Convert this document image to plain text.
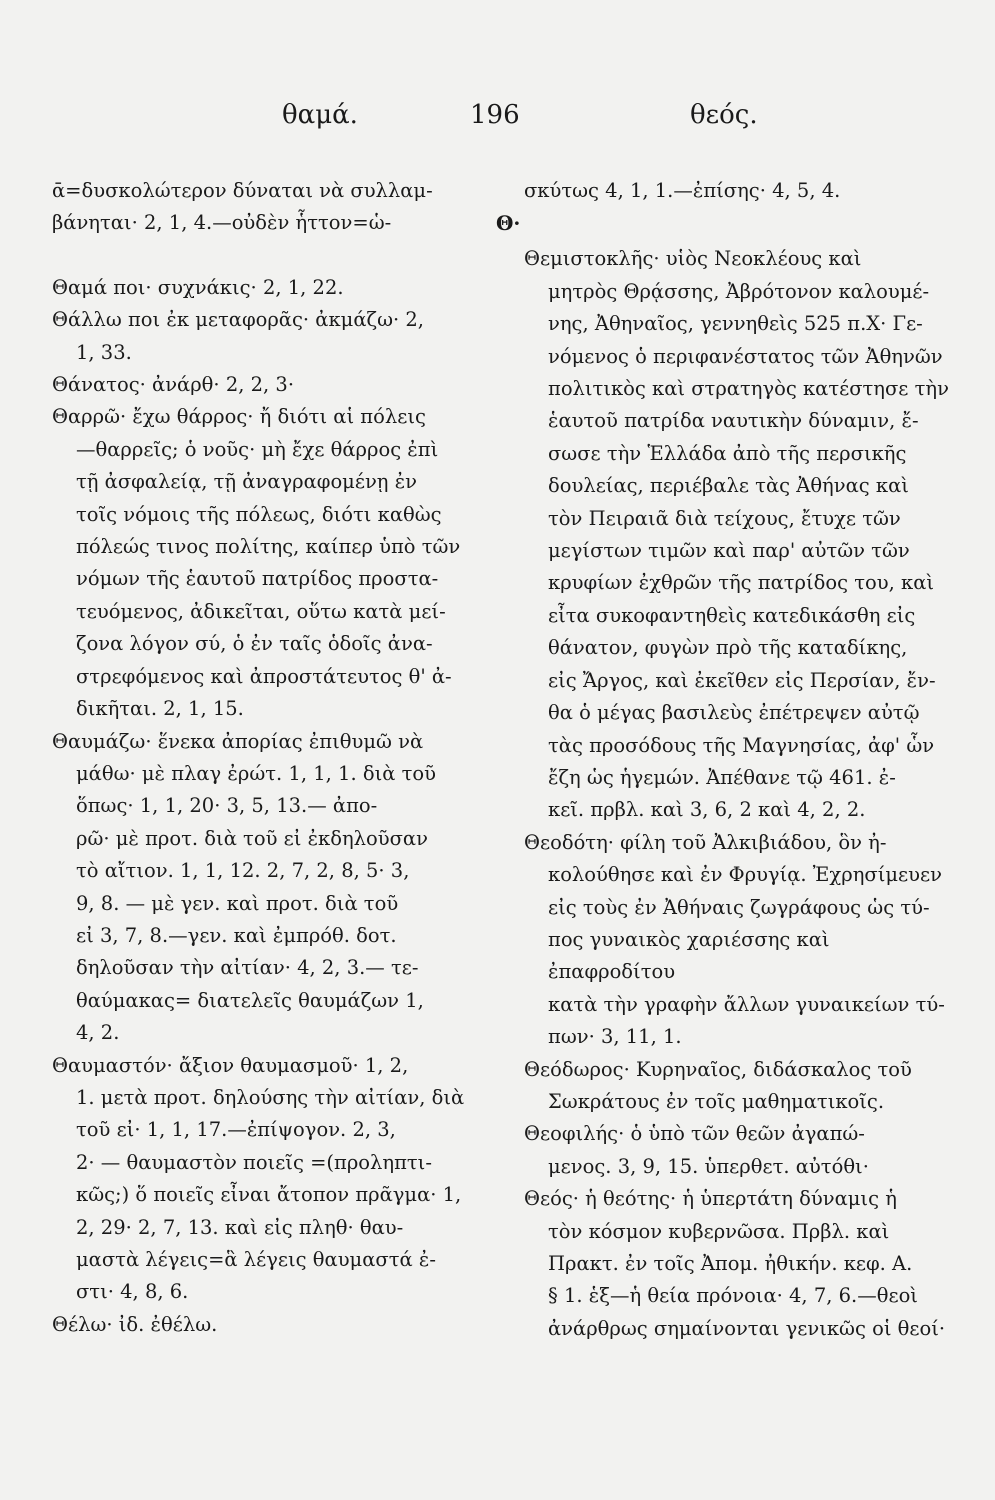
θαμά.	196	θεός.

ᾱ=δυσκολώτερον δύναται νὰ συλλαμ-

βάνηται· 2, 1, 4.—οὐδὲν ἧττον=ὡ-

Θαμά ποι· συχνάκις· 2, 1, 22.

Θάλλω ποι ἐκ μεταφορᾶς· ἀκμάζω· 2,

1, 33.

Θάνατος· ἀνάρθ· 2, 2, 3·

Θαρρῶ· ἔχω θάρρος· ἤ διότι αἱ πόλεις

—θαρρεῖς; ὁ νοῦς· μὴ ἔχε θάρρος ἐπὶ

τῇ ἀσφαλείᾳ, τῇ ἀναγραφομένῃ ἐν

τοῖς νόμοις τῆς πόλεως, διότι καθὼς

πόλεώς τινος πολίτης, καίπερ ὑπὸ τῶν

νόμων τῆς ἑαυτοῦ πατρίδος προστα-

τευόμενος, ἀδικεῖται, οὕτω κατὰ μεί-

ζονα λόγον σύ, ὁ ἐν ταῖς ὁδοῖς ἀνα-

στρεφόμενος καὶ ἀπροστάτευτος θ' ἀ-

δικῆται. 2, 1, 15.

Θαυμάζω· ἕνεκα ἀπορίας ἐπιθυμῶ νὰ

μάθω· μὲ πλαγ ἐρώτ. 1, 1, 1. διὰ τοῦ

ὅπως· 1, 1, 20· 3, 5, 13.— ἀπο-

ρῶ· μὲ προτ. διὰ τοῦ εἰ ἐκδηλοῦσαν

τὸ αἴτιον. 1, 1, 12. 2, 7, 2, 8, 5· 3,

9, 8. — μὲ γεν. καὶ προτ. διὰ τοῦ

εἰ 3, 7, 8.—γεν. καὶ ἐμπρόθ. δοτ.

δηλοῦσαν τὴν αἰτίαν· 4, 2, 3.— τε-

θαύμακας= διατελεῖς θαυμάζων 1,

4, 2.

Θαυμαστόν· ἄξιον θαυμασμοῦ· 1, 2,

1. μετὰ προτ. δηλούσης τὴν αἰτίαν, διὰ

τοῦ εἰ· 1, 1, 17.—ἐπίψογον. 2, 3,

2· — θαυμαστὸν ποιεῖς =(προληπτι-

κῶς;) ὅ ποιεῖς εἶναι ἄτοπον πρᾶγμα· 1,

2, 29· 2, 7, 13. καὶ εἰς πληθ· θαυ-

μαστὰ λέγεις=ἃ λέγεις θαυμαστά ἐ-

στι· 4, 8, 6.

Θέλω· ἰδ. ἐθέλω.

σκύτως 4, 1, 1.—ἐπίσης· 4, 5, 4.

Θ·

Θεμιστοκλῆς· υἱὸς Νεοκλέους καὶ

μητρὸς Θρᾴσσης, Ἀβρότονον καλουμέ-

νης, Ἀθηναῖος, γεννηθεὶς 525 π.Χ· Γε-

νόμενος ὁ περιφανέστατος τῶν Ἀθηνῶν

πολιτικὸς καὶ στρατηγὸς κατέστησε τὴν

ἑαυτοῦ πατρίδα ναυτικὴν δύναμιν, ἔ-

σωσε τὴν Ἑλλάδα ἀπὸ τῆς περσικῆς

δουλείας, περιέβαλε τὰς Ἀθήνας καὶ

τὸν Πειραιᾶ διὰ τείχους, ἔτυχε τῶν

μεγίστων τιμῶν καὶ παρ' αὐτῶν τῶν

κρυφίων ἐχθρῶν τῆς πατρίδος του, καὶ

εἶτα συκοφαντηθεὶς κατεδικάσθη εἰς

θάνατον, φυγὼν πρὸ τῆς καταδίκης,

εἰς Ἄργος, καὶ ἐκεῖθεν εἰς Περσίαν, ἔν-

θα ὁ μέγας βασιλεὺς ἐπέτρεψεν αὐτῷ

τὰς προσόδους τῆς Μαγνησίας, ἀφ' ὧν

ἔζη ὡς ἡγεμών. Ἀπέθανε τῷ 461. ἐ-

κεῖ. πρβλ. καὶ 3, 6, 2 καὶ 4, 2, 2.

Θεοδότη· φίλη τοῦ Ἀλκιβιάδου, ὃν ἠ-

κολούθησε καὶ ἐν Φρυγίᾳ. Ἐχρησίμευεν

εἰς τοὺς ἐν Ἀθήναις ζωγράφους ὡς τύ-

πος γυναικὸς χαριέσσης καὶ ἐπαφροδίτου

κατὰ τὴν γραφὴν ἄλλων γυναικείων τύ-

πων· 3, 11, 1.

Θεόδωρος· Κυρηναῖος, διδάσκαλος τοῦ

Σωκράτους ἐν τοῖς μαθηματικοῖς.

Θεοφιλής· ὁ ὑπὸ τῶν θεῶν ἀγαπώ-

μενος. 3, 9, 15. ὑπερθετ. αὐτόθι·

Θεός· ἡ θεότης· ἡ ὑπερτάτη δύναμις ἡ

τὸν κόσμον κυβερνῶσα. Πρβλ. καὶ

Πρακτ. ἐν τοῖς Ἀπομ. ἠθικήν. κεφ. Α.

§ 1. ἑξ—ἡ θεία πρόνοια· 4, 7, 6.—θεοὶ

ἀνάρθρως σημαίνονται γενικῶς οἱ θεοί·
